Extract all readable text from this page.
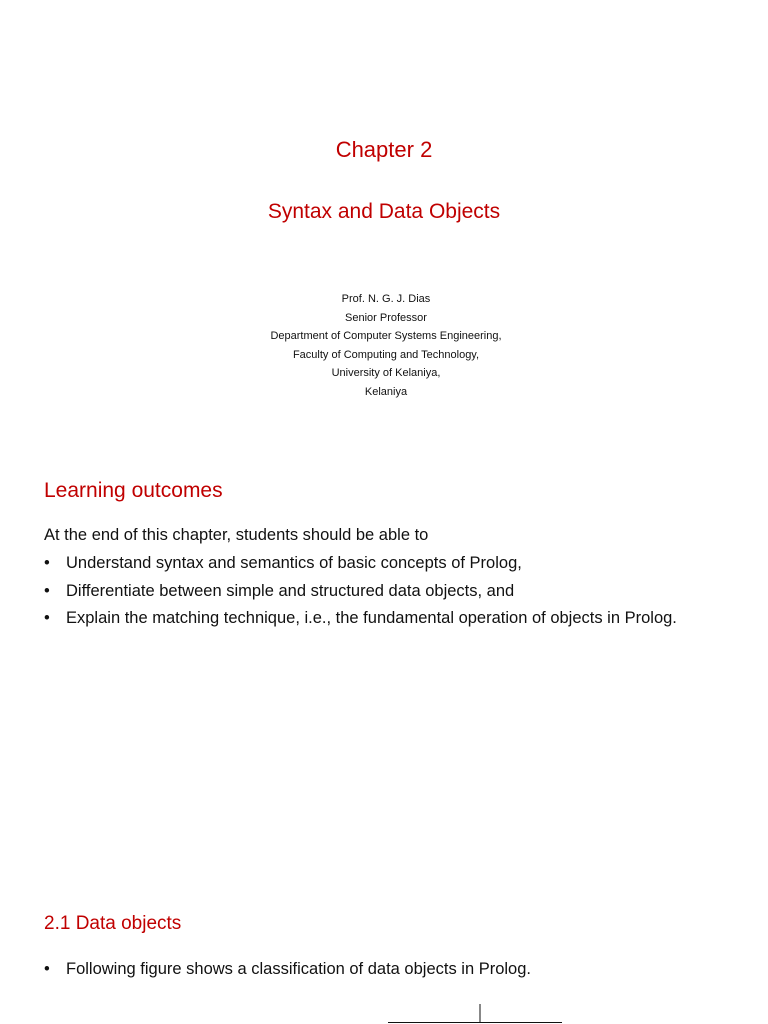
Chapter 2
Syntax and Data Objects
Prof. N. G. J. Dias
Senior Professor
Department of Computer Systems Engineering,
Faculty of Computing and Technology,
University of Kelaniya,
Kelaniya
Learning outcomes
At the end of this chapter, students should be able to
• Understand syntax and semantics of basic concepts of Prolog,
• Differentiate between simple and structured data objects, and
• Explain the matching technique, i.e., the fundamental operation of objects in Prolog.
2.1 Data objects
• Following figure shows a classification of data objects in Prolog.
